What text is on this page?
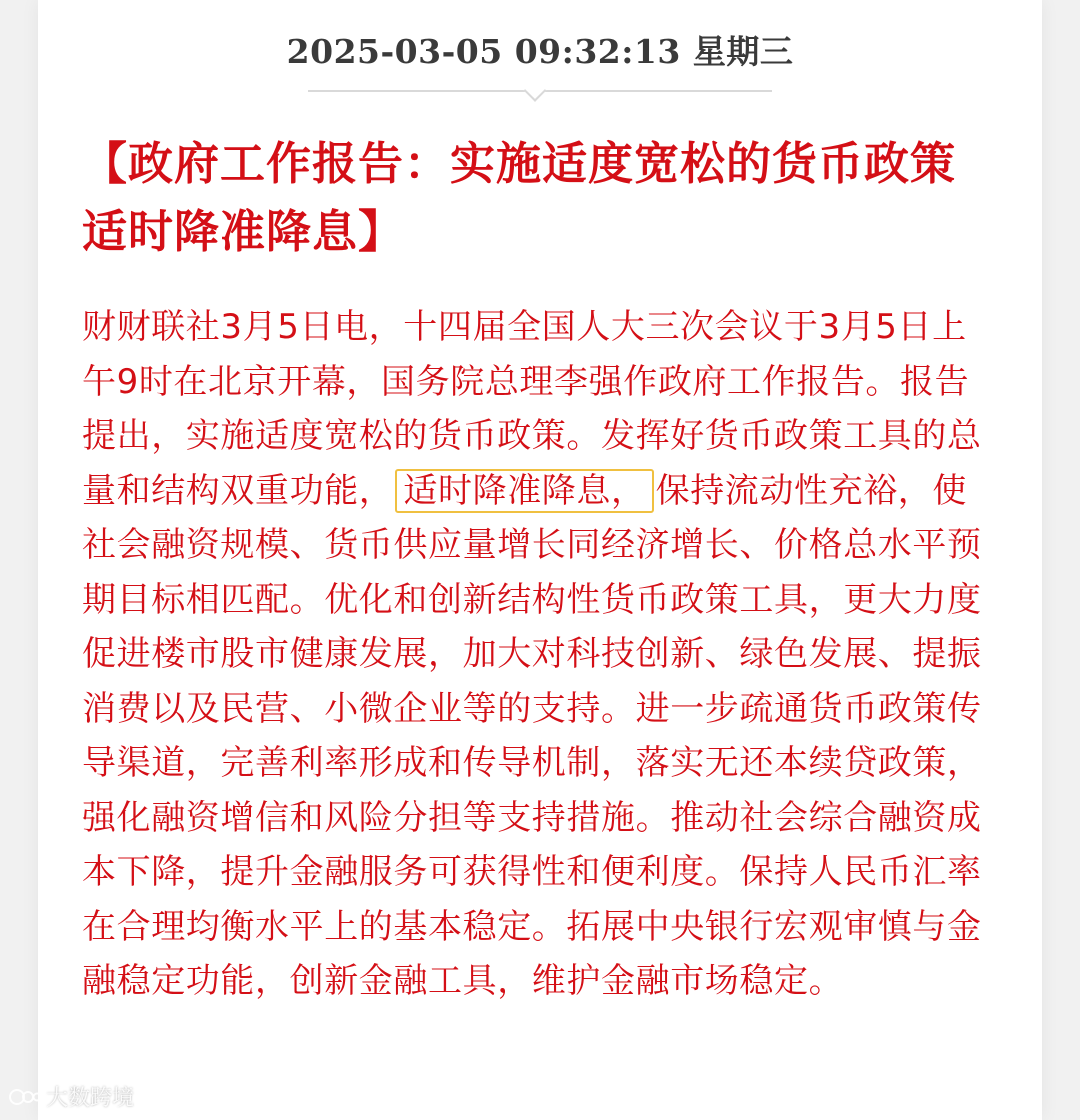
2025-03-05 09:32:13 星期三
【政府工作报告：实施适度宽松的货币政策 适时降准降息】

财财联社3月5日电，十四届全国人大三次会议于3月5日上午9时在北京开幕，国务院总理李强作政府工作报告。报告提出，实施适度宽松的货币政策。发挥好货币政策工具的总量和结构双重功能， 适时降准降息， 保持流动性充裕，使社会融资规模、货币供应量增长同经济增长、价格总水平预期目标相匹配。优化和创新结构性货币政策工具，更大力度促进楼市股市健康发展，加大对科技创新、绿色发展、提振消费以及民营、小微企业等的支持。进一步疏通货币政策传导渠道，完善利率形成和传导机制，落实无还本续贷政策，强化融资增信和风险分担等支持措施。推动社会综合融资成本下降，提升金融服务可获得性和便利度。保持人民币汇率在合理均衡水平上的基本稳定。拓展中央银行宏观审慎与金融稳定功能，创新金融工具，维护金融市场稳定。

大数跨境
